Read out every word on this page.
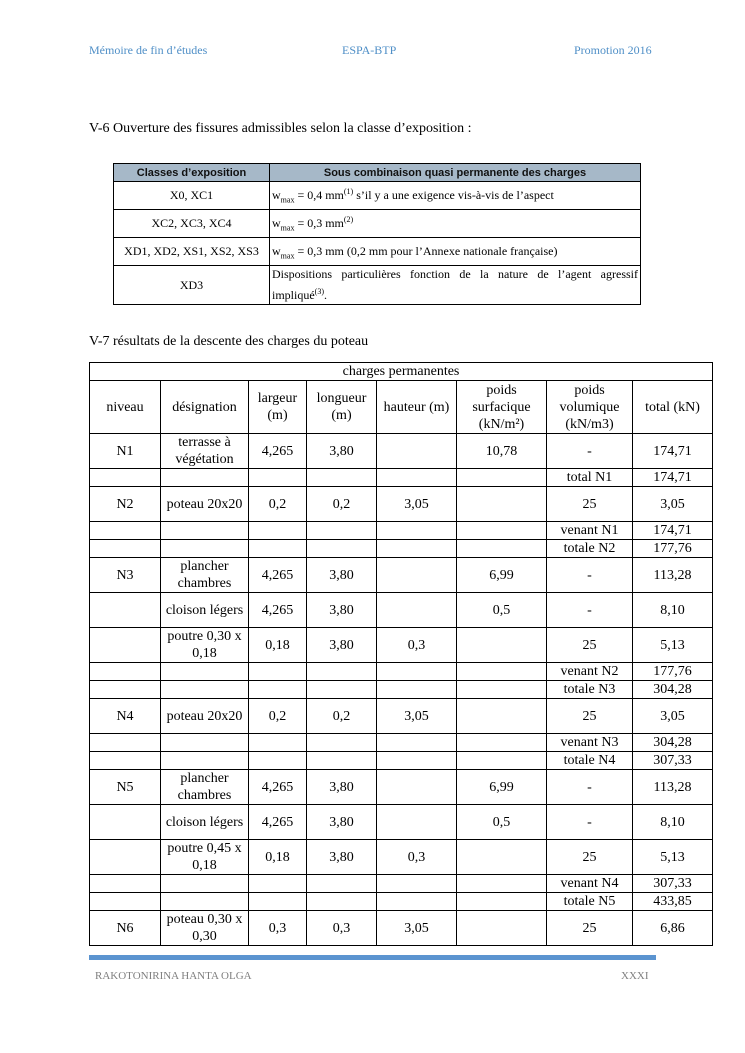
Mémoire de fin d’études	ESPA-BTP	Promotion 2016
V-6 Ouverture des fissures admissibles selon la classe d’exposition :
Classes d’exposition	Sous combinaison quasi permanente des charges
X0, XC1	$w_{max} = 0,4$ $mm^{(1)}$ s’il y a une exigence vis-à-vis de l’aspect
XC2, XC3, XC4	$w_{max} = 0,3$ $mm^{(2)}$
XD1, XD2, XS1, XS2, XS3	$w_{max} = 0,3$ mm (0,2 mm pour l’Annexe nationale française)
XD3	Dispositions particulières fonction de la nature de l’agent agressif impliqué$^{(3)}$.
V-7 résultats de la descente des charges du poteau
charges permanentes							
niveau	désignation	largeur (m)	longueur (m)	hauteur (m)	poids surfacique (kN/m²)	poids volumique (kN/m3)	total (kN)
N1	terrasse à végétation	4,265	3,80		10,78	-	174,71
						total N1	174,71
N2	poteau 20x20	0,2	0,2	3,05		25	3,05
						venant N1	174,71
						totale N2	177,76
N3	plancher chambres	4,265	3,80		6,99	-	113,28
	cloison légers	4,265	3,80		0,5	-	8,10
	poutre 0,30 x 0,18	0,18	3,80	0,3		25	5,13
						venant N2	177,76
						totale N3	304,28
N4	poteau 20x20	0,2	0,2	3,05		25	3,05
						venant N3	304,28
						totale N4	307,33
N5	plancher chambres	4,265	3,80		6,99	-	113,28
	cloison légers	4,265	3,80		0,5	-	8,10
	poutre 0,45 x 0,18	0,18	3,80	0,3		25	5,13
						venant N4	307,33
						totale N5	433,85
N6	poteau 0,30 x 0,30	0,3	0,3	3,05		25	6,86
RAKOTONIRINA HANTA OLGA	XXXI
